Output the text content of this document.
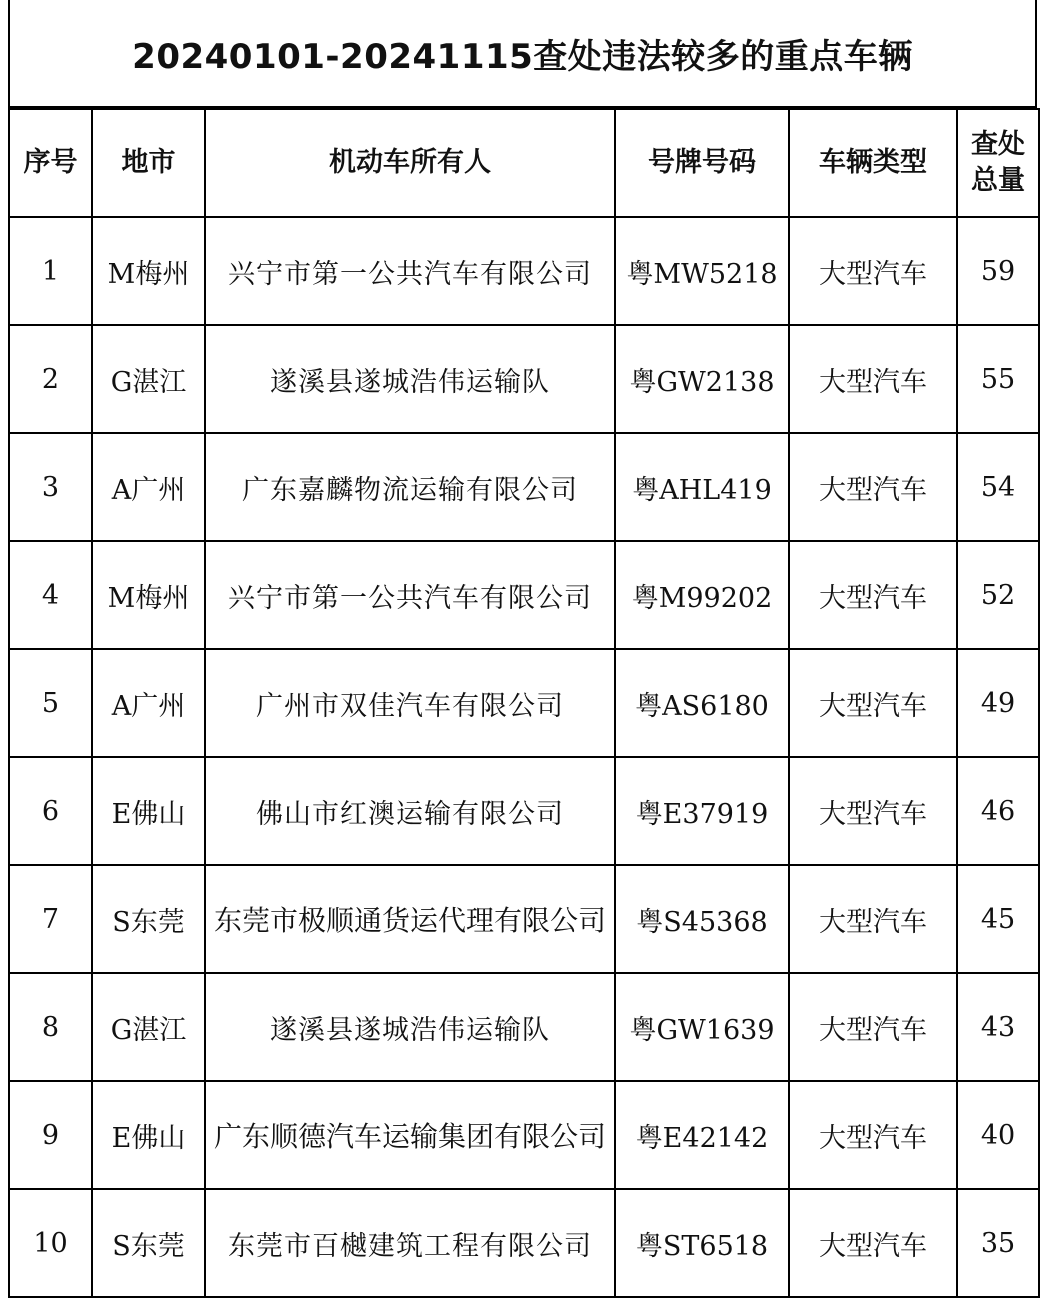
20240101-20241115查处违法较多的重点车辆
序号	地市	机动车所有人	号牌号码	车辆类型	查处
总量

1	M梅州	兴宁市第一公共汽车有限公司	粤MW5218	大型汽车	59
2	G湛江	遂溪县遂城浩伟运输队	粤GW2138	大型汽车	55
3	A广州	广东嘉麟物流运输有限公司	粤AHL419	大型汽车	54
4	M梅州	兴宁市第一公共汽车有限公司	粤M99202	大型汽车	52
5	A广州	广州市双佳汽车有限公司	粤AS6180	大型汽车	49
6	E佛山	佛山市红澳运输有限公司	粤E37919	大型汽车	46
7	S东莞	东莞市极顺通货运代理有限公司	粤S45368	大型汽车	45
8	G湛江	遂溪县遂城浩伟运输队	粤GW1639	大型汽车	43
9	E佛山	广东顺德汽车运输集团有限公司	粤E42142	大型汽车	40
10	S东莞	东莞市百樾建筑工程有限公司	粤ST6518	大型汽车	35
